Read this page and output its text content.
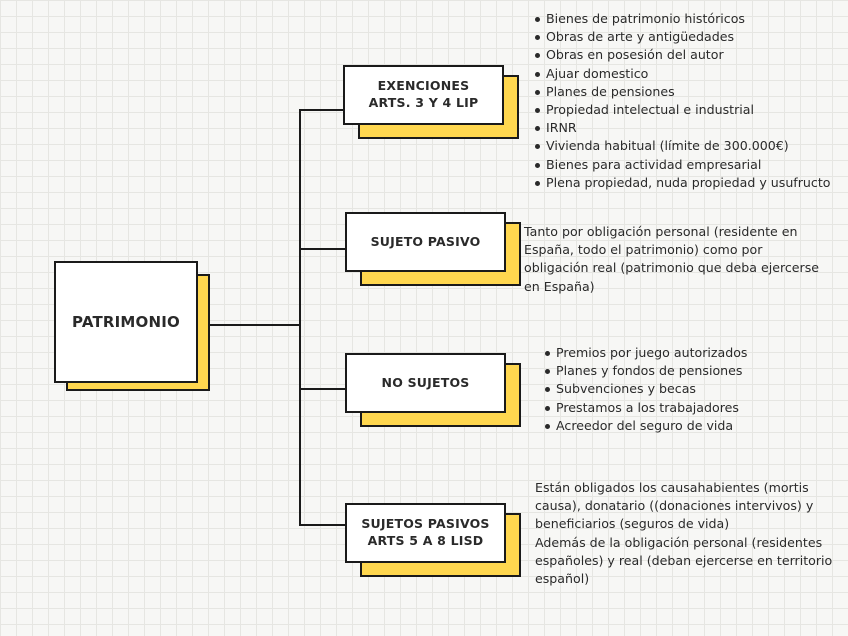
PATRIMONIO
EXENCIONES
ARTS. 3 Y 4 LIP
SUJETO PASIVO
NO SUJETOS
SUJETOS PASIVOS
ARTS 5 A 8 LISD
Bienes de patrimonio históricos
Obras de arte y antigüedades
Obras en posesión del autor
Ajuar domestico
Planes de pensiones
Propiedad intelectual e industrial
IRNR
Vivienda habitual (límite de 300.000€)
Bienes para actividad empresarial
Plena propiedad, nuda propiedad y usufructo

Tanto por obligación personal (residente en España, todo el patrimonio) como por obligación real (patrimonio que deba ejercerse en España)

Premios por juego autorizados
Planes y fondos de pensiones
Subvenciones y becas
Prestamos a los trabajadores
Acreedor del seguro de vida

Están obligados los causahabientes (mortis causa), donatario ((donaciones intervivos) y beneficiarios (seguros de vida)

Además de la obligación personal (residentes españoles) y real (deban ejercerse en territorio español)
